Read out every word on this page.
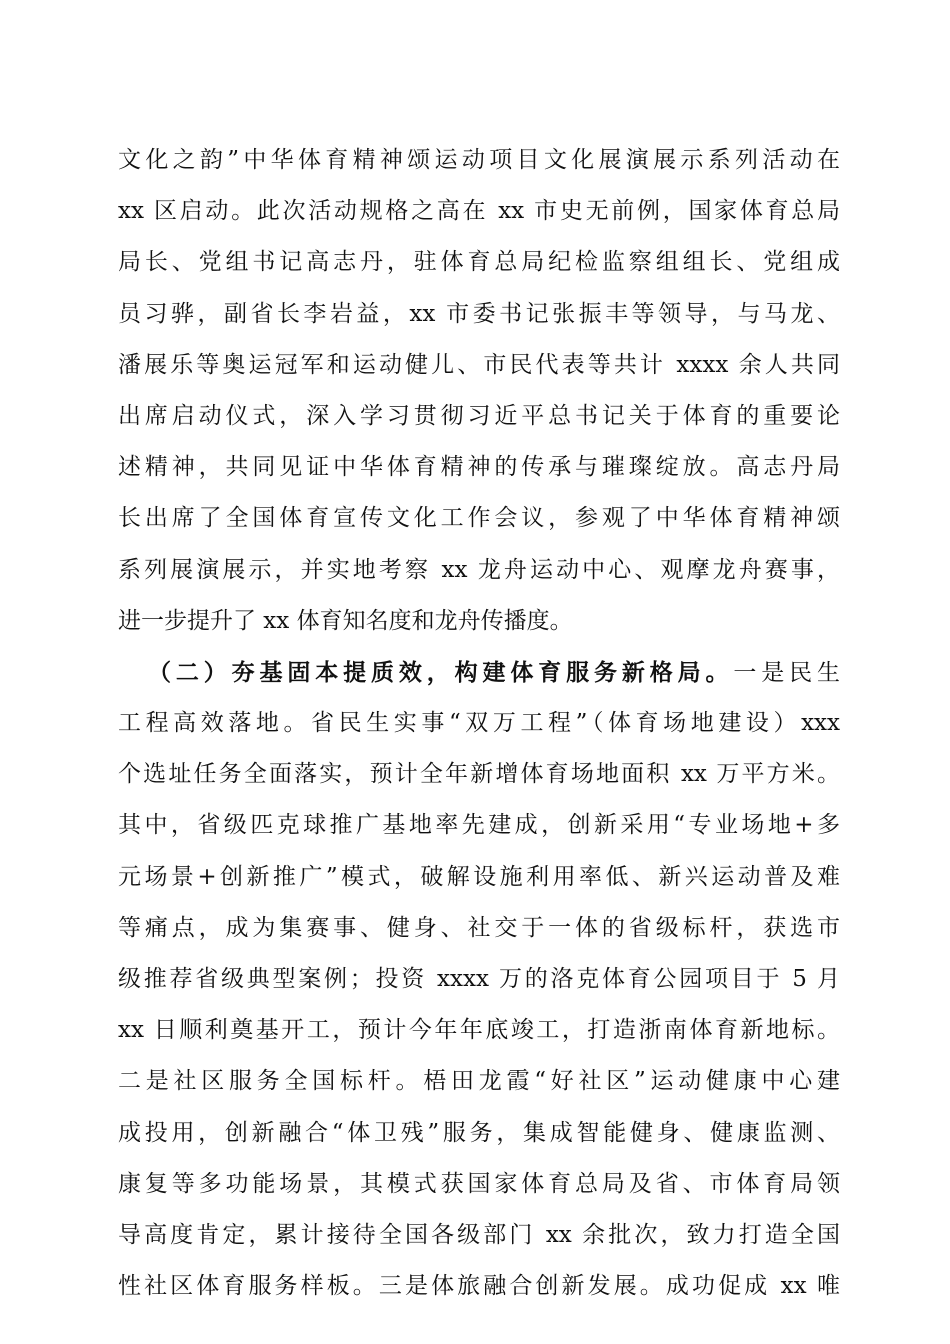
文化之韵”中华体育精神颂运动项目文化展演展示系列活动在
xx 区启动。此次活动规格之高在 xx 市史无前例，国家体育总局
局长、党组书记高志丹，驻体育总局纪检监察组组长、党组成
员习骅，副省长李岩益，xx 市委书记张振丰等领导，与马龙、
潘展乐等奥运冠军和运动健儿、市民代表等共计 xxxx 余人共同
出席启动仪式，深入学习贯彻习近平总书记关于体育的重要论
述精神，共同见证中华体育精神的传承与璀璨绽放。高志丹局
长出席了全国体育宣传文化工作会议，参观了中华体育精神颂
系列展演展示，并实地考察 xx 龙舟运动中心、观摩龙舟赛事，
进一步提升了 xx 体育知名度和龙舟传播度。
（二）夯基固本提质效，构建体育服务新格局。一是民生
工程高效落地。省民生实事“双万工程”（体育场地建设）xxx
个选址任务全面落实，预计全年新增体育场地面积 xx 万平方米。
其中，省级匹克球推广基地率先建成，创新采用“专业场地+多
元场景+创新推广”模式，破解设施利用率低、新兴运动普及难
等痛点，成为集赛事、健身、社交于一体的省级标杆，获选市
级推荐省级典型案例；投资 xxxx 万的洛克体育公园项目于 5 月
xx 日顺利奠基开工，预计今年年底竣工，打造浙南体育新地标。
二是社区服务全国标杆。梧田龙霞“好社区”运动健康中心建
成投用，创新融合“体卫残”服务，集成智能健身、健康监测、
康复等多功能场景，其模式获国家体育总局及省、市体育局领
导高度肯定，累计接待全国各级部门 xx 余批次，致力打造全国
性社区体育服务样板。三是体旅融合创新发展。成功促成 xx 唯
